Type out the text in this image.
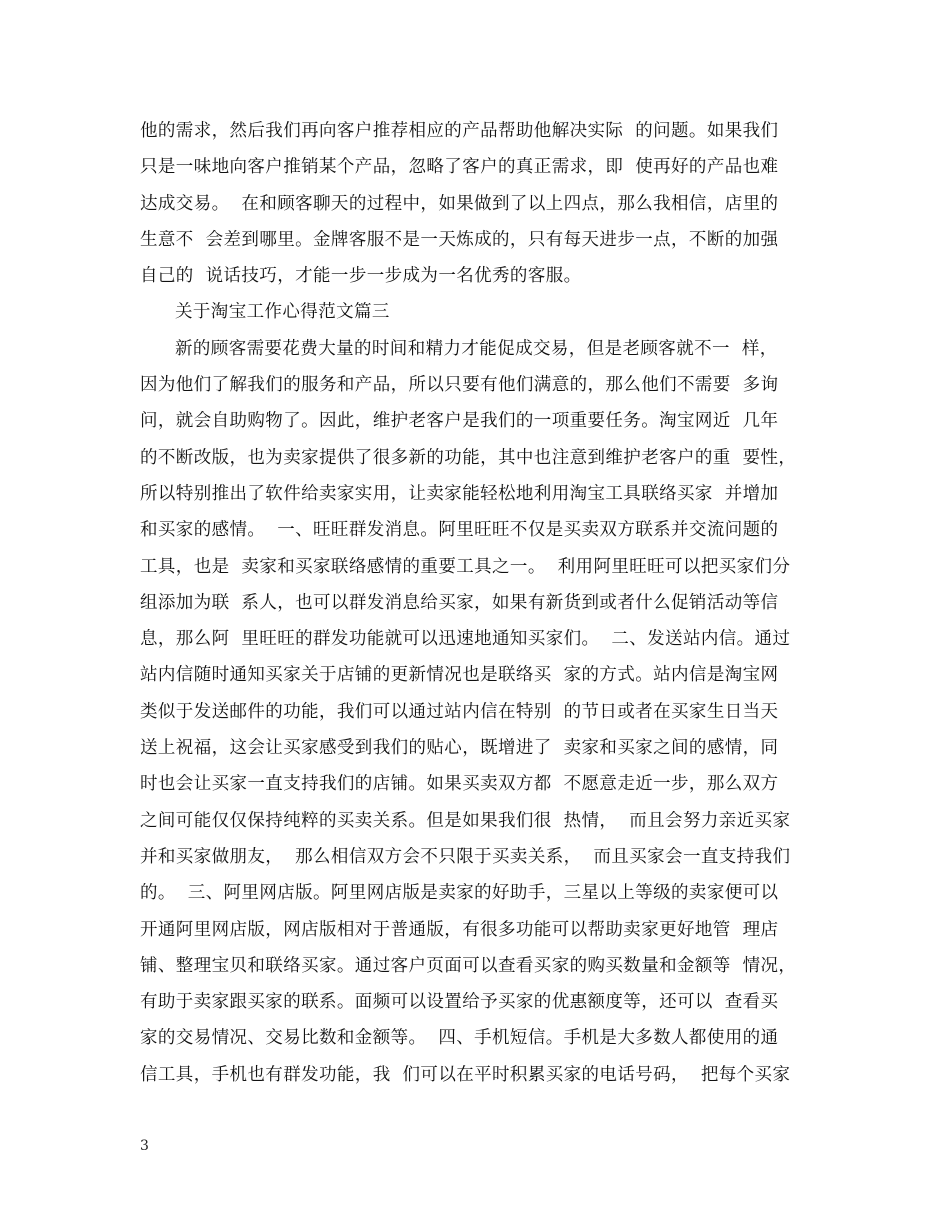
他的需求，然后我们再向客户推荐相应的产品帮助他解决实际  的问题。如果我们
只是一味地向客户推销某个产品，忽略了客户的真正需求，即  使再好的产品也难
达成交易。  在和顾客聊天的过程中，如果做到了以上四点，那么我相信，店里的
生意不  会差到哪里。金牌客服不是一天炼成的，只有每天进步一点，不断的加强
自己的  说话技巧，才能一步一步成为一名优秀的客服。
关于淘宝工作心得范文篇三
新的顾客需要花费大量的时间和精力才能促成交易，但是老顾客就不一  样，
因为他们了解我们的服务和产品，所以只要有他们满意的，那么他们不需要  多询
问，就会自助购物了。因此，维护老客户是我们的一项重要任务。淘宝网近  几年
的不断改版，也为卖家提供了很多新的功能，其中也注意到维护老客户的重  要性，
所以特别推出了软件给卖家实用，让卖家能轻松地利用淘宝工具联络买家  并增加
和买家的感情。  一、旺旺群发消息。阿里旺旺不仅是买卖双方联系并交流问题的
工具，也是  卖家和买家联络感情的重要工具之一。  利用阿里旺旺可以把买家们分
组添加为联  系人，也可以群发消息给买家，如果有新货到或者什么促销活动等信
息，那么阿  里旺旺的群发功能就可以迅速地通知买家们。  二、发送站内信。通过
站内信随时通知买家关于店铺的更新情况也是联络买  家的方式。站内信是淘宝网
类似于发送邮件的功能，我们可以通过站内信在特别  的节日或者在买家生日当天
送上祝福，这会让买家感受到我们的贴心，既增进了  卖家和买家之间的感情，同
时也会让买家一直支持我们的店铺。如果买卖双方都  不愿意走近一步，那么双方
之间可能仅仅保持纯粹的买卖关系。但是如果我们很  热情，  而且会努力亲近买家
并和买家做朋友，  那么相信双方会不只限于买卖关系，  而且买家会一直支持我们
的。  三、阿里网店版。阿里网店版是卖家的好助手，三星以上等级的卖家便可以
开通阿里网店版，网店版相对于普通版，有很多功能可以帮助卖家更好地管  理店
铺、整理宝贝和联络买家。通过客户页面可以查看买家的购买数量和金额等  情况，
有助于卖家跟买家的联系。面频可以设置给予买家的优惠额度等，还可以  查看买
家的交易情况、交易比数和金额等。  四、手机短信。手机是大多数人都使用的通
信工具，手机也有群发功能，我  们可以在平时积累买家的电话号码，  把每个买家
3
